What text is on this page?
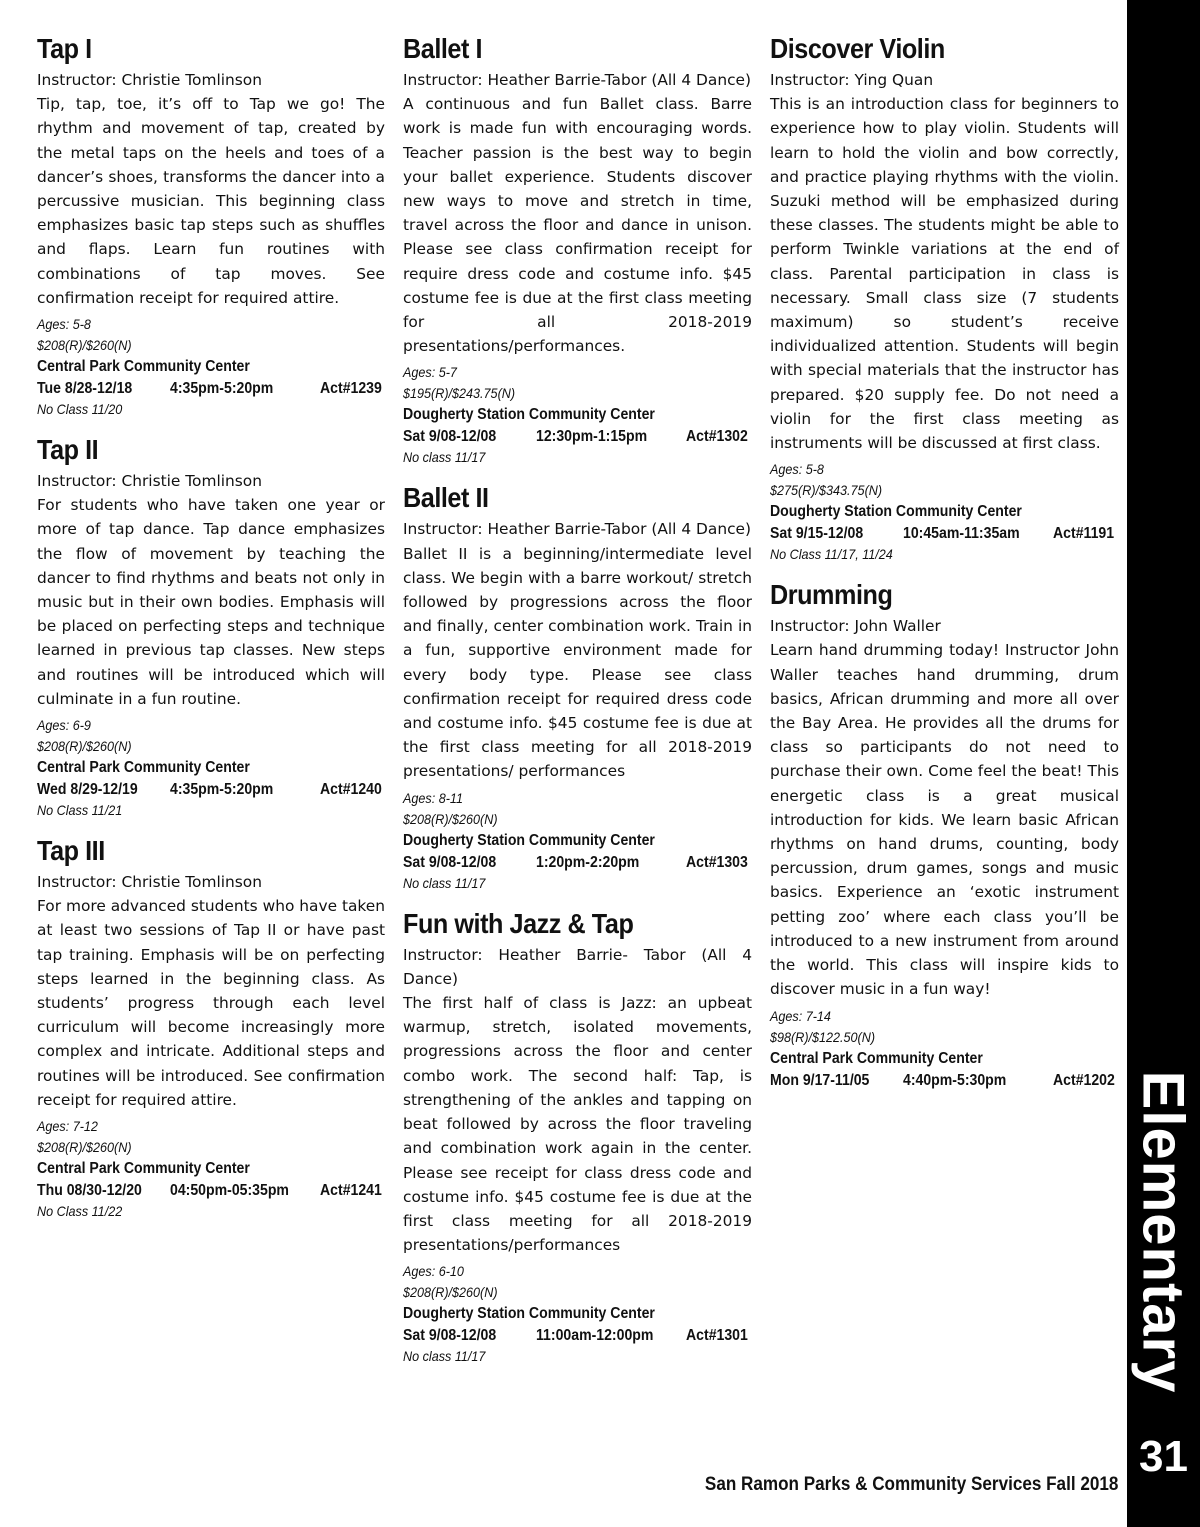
Tap I

Instructor: Christie Tomlinson

Tip, tap, toe, it’s off to Tap we go! The rhythm and movement of tap, created by the metal taps on the heels and toes of a dancer’s shoes, transforms the dancer into a percussive musician. This beginning class emphasizes basic tap steps such as shuffles and flaps. Learn fun routines with combinations of tap moves. See confirmation receipt for required attire.

Ages: 5-8

$208(R)/$260(N)

Central Park Community Center

Tue 8/28-12/18 4:35pm-5:20pm	Act#1239

No Class 11/20

Tap II

Instructor: Christie Tomlinson

For students who have taken one year or more of tap dance. Tap dance emphasizes the flow of movement by teaching the dancer to find rhythms and beats not only in music but in their own bodies. Emphasis will be placed on perfecting steps and technique learned in previous tap classes. New steps and routines will be introduced which will culminate in a fun routine.

Ages: 6-9

$208(R)/$260(N)

Central Park Community Center

Wed 8/29-12/19 4:35pm-5:20pm	Act#1240

No Class 11/21

Tap III

Instructor: Christie Tomlinson

For more advanced students who have taken at least two sessions of Tap II or have past tap training. Emphasis will be on perfecting steps learned in the beginning class. As students’ progress through each level curriculum will become increasingly more complex and intricate. Additional steps and routines will be introduced. See confirmation receipt for required attire.

Ages: 7-12

$208(R)/$260(N)

Central Park Community Center

Thu 08/30-12/20 04:50pm-05:35pm Act#1241

No Class 11/22

Ballet I

Instructor: Heather Barrie-Tabor (All 4 Dance)

A continuous and fun Ballet class. Barre work is made fun with encouraging words. Teacher passion is the best way to begin your ballet experience. Students discover new ways to move and stretch in time, travel across the floor and dance in unison. Please see class confirmation receipt for require dress code and costume info. $45 costume fee is due at the first class meeting for all 2018-2019 presentations/performances.

Ages: 5-7

$195(R)/$243.75(N)

Dougherty Station Community Center

Sat 9/08-12/08 12:30pm-1:15pm Act#1302

No class 11/17

Ballet II

Instructor: Heather Barrie-Tabor (All 4 Dance)

Ballet II is a beginning/intermediate level class. We begin with a barre workout/ stretch followed by progressions across the floor and finally, center combination work. Train in a fun, supportive environment made for every body type. Please see class confirmation receipt for required dress code and costume info. $45 costume fee is due at the first class meeting for all 2018-2019 presentations/ performances

Ages: 8-11

$208(R)/$260(N)

Dougherty Station Community Center

Sat 9/08-12/08 1:20pm-2:20pm	Act#1303

No class 11/17

Fun with Jazz & Tap

Instructor: Heather Barrie- Tabor (All 4 Dance)

The first half of class is Jazz: an upbeat warmup, stretch, isolated movements, progressions across the floor and center combo work. The second half: Tap, is strengthening of the ankles and tapping on beat followed by across the floor traveling and combination work again in the center. Please see receipt for class dress code and costume info. $45 costume fee is due at the first class meeting for all 2018-2019 presentations/performances

Ages: 6-10

$208(R)/$260(N)

Dougherty Station Community Center

Sat 9/08-12/08 11:00am-12:00pm Act#1301

No class 11/17

Discover Violin

Instructor: Ying Quan

This is an introduction class for beginners to experience how to play violin. Students will learn to hold the violin and bow correctly, and practice playing rhythms with the violin. Suzuki method will be emphasized during these classes. The students might be able to perform Twinkle variations at the end of class. Parental participation in class is necessary. Small class size (7 students maximum) so student’s receive individualized attention. Students will begin with special materials that the instructor has prepared. $20 supply fee. Do not need a violin for the first class meeting as instruments will be discussed at first class.

Ages: 5-8

$275(R)/$343.75(N)

Dougherty Station Community Center

Sat 9/15-12/08 10:45am-11:35am Act#1191

No Class 11/17, 11/24

Drumming

Instructor: John Waller

Learn hand drumming today! Instructor John Waller teaches hand drumming, drum basics, African drumming and more all over the Bay Area. He provides all the drums for class so participants do not need to purchase their own. Come feel the beat! This energetic class is a great musical introduction for kids. We learn basic African rhythms on hand drums, counting, body percussion, drum games, songs and music basics. Experience an ‘exotic instrument petting zoo’ where each class you’ll be introduced to a new instrument from around the world. This class will inspire kids to discover music in a fun way!

Ages: 7-14

$98(R)/$122.50(N)

Central Park Community Center

Mon 9/17-11/05 4:40pm-5:30pm	Act#1202 Elementary
31
San Ramon Parks & Community Services Fall 2018
